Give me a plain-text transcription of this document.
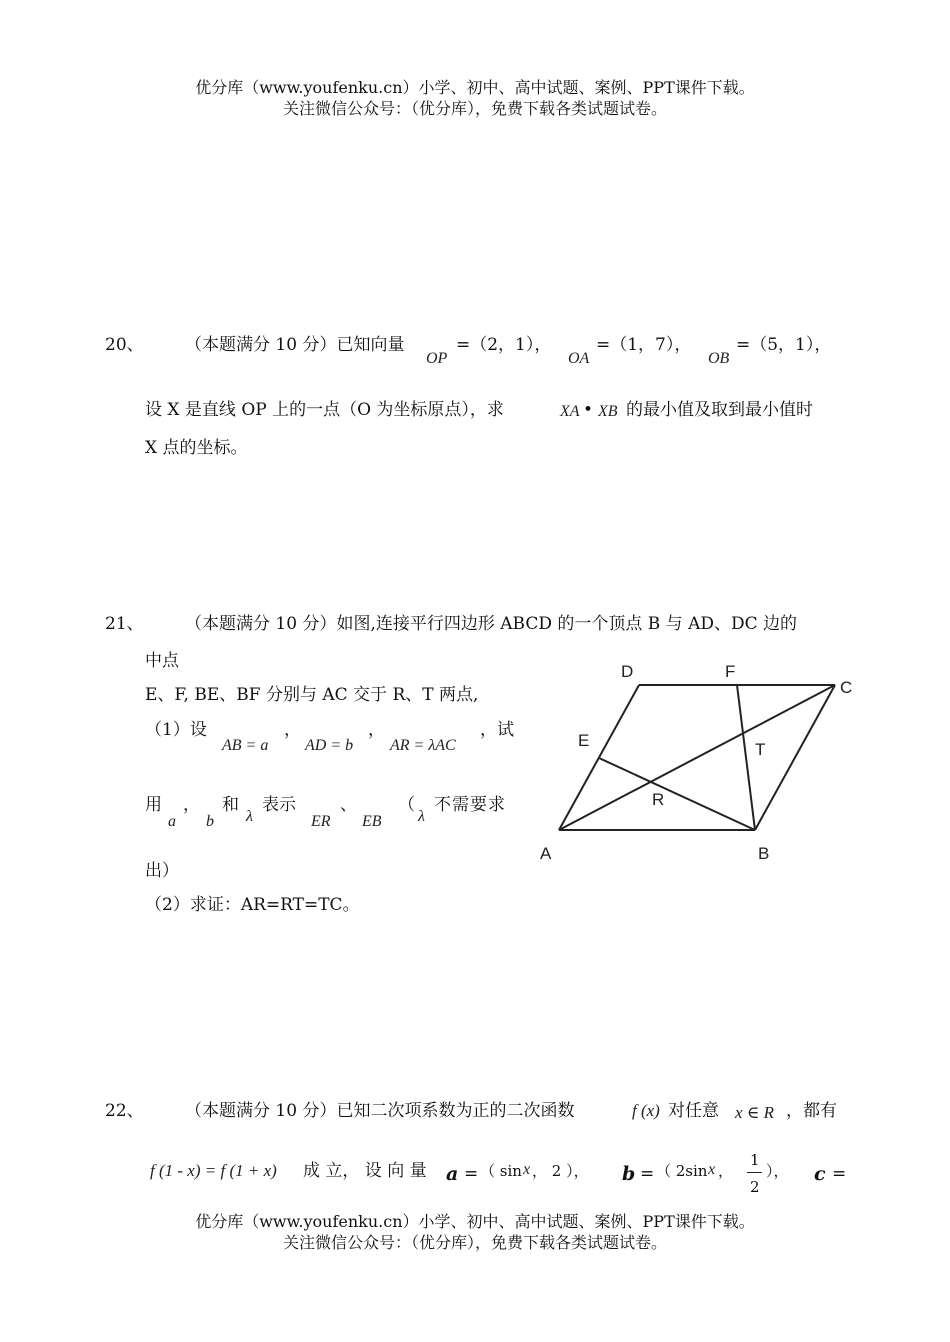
优分库（www.youfenku.cn）小学、初中、高中试题、案例、PPT课件下载。
关注微信公众号：（优分库），免费下载各类试题试卷。
20、 （本题满分 10 分）已知向量
OP
=（2，1），
OA
=（1，7），
OB
=（5，1），
设 X 是直线 OP 上的一点（O 为坐标原点），求	XA • XB 的最小值及取到最小值时
X 点的坐标。
21、 （本题满分 10 分）如图,连接平行四边形 ABCD 的一个顶点 B 与 AD、DC 边的
中点
E、F, BE、BF 分别与 AC 交于 R、T 两点,
（1）设
AB = a
，
AD = b
，
AR = λAC
，试
用
a
，
b
和
λ
表示
ER
、
EB
（
λ
不需要求
出）
（2）求证：AR=RT=TC。
A	B
C
D
E
F
R
T
22、 （本题满分 10 分）已知二次项系数为正的二次函数	f (x) 对任意 x ∈ R ，都有
f (1 - x) = f (1 + x) 成 立， 设 向 量 a = （ sin x ， 2 ）， b = （ 2sin x ，
1
2
）， c =
优分库（www.youfenku.cn）小学、初中、高中试题、案例、PPT课件下载。
关注微信公众号：（优分库），免费下载各类试题试卷。
